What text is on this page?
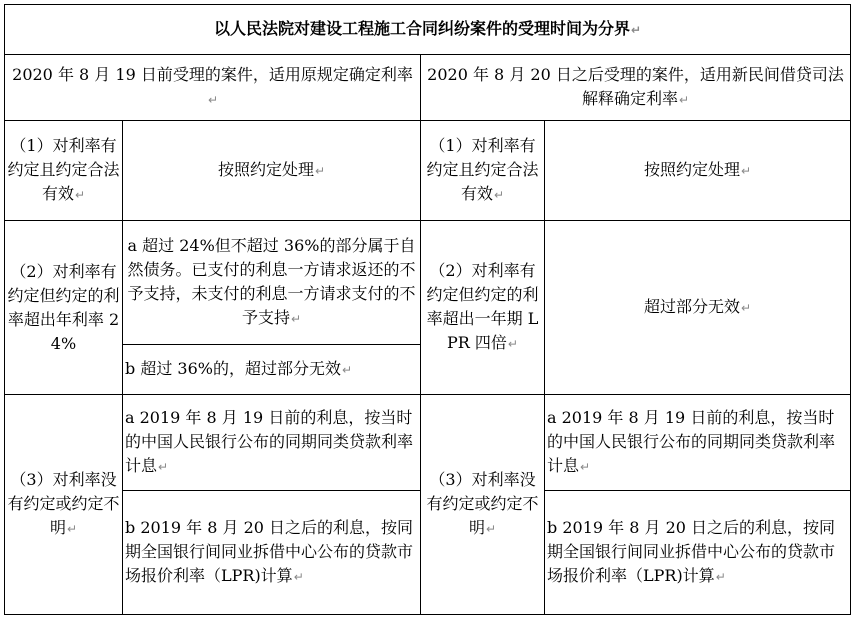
以人民法院对建设工程施工合同纠纷案件的受理时间为分界↵			
2020 年 8 月 19 日前受理的案件，适用原规定确定利率↵		2020 年 8 月 20 日之后受理的案件，适用新民间借贷司法解释确定利率↵	
（1）对利率有约定且约定合法有效↵	按照约定处理↵	（1）对利率有约定且约定合法有效↵	按照约定处理↵
（2）对利率有约定但约定的利率超出年利率 24%	a 超过 24%但不超过 36%的部分属于自然债务。已支付的利息一方请求返还的不予支持，未支付的利息一方请求支付的不予支持↵	（2）对利率有约定但约定的利率超出一年期 LPR 四倍↵	超过部分无效↵
	b 超过 36%的，超过部分无效↵		
（3）对利率没有约定或约定不明↵	a 2019 年 8 月 19 日前的利息，按当时的中国人民银行公布的同期同类贷款利率计息↵	（3）对利率没有约定或约定不明↵	a 2019 年 8 月 19 日前的利息，按当时的中国人民银行公布的同期同类贷款利率计息↵
	b 2019 年 8 月 20 日之后的利息，按同期全国银行间同业拆借中心公布的贷款市场报价利率（LPR)计算↵		b 2019 年 8 月 20 日之后的利息，按同期全国银行间同业拆借中心公布的贷款市场报价利率（LPR)计算↵
